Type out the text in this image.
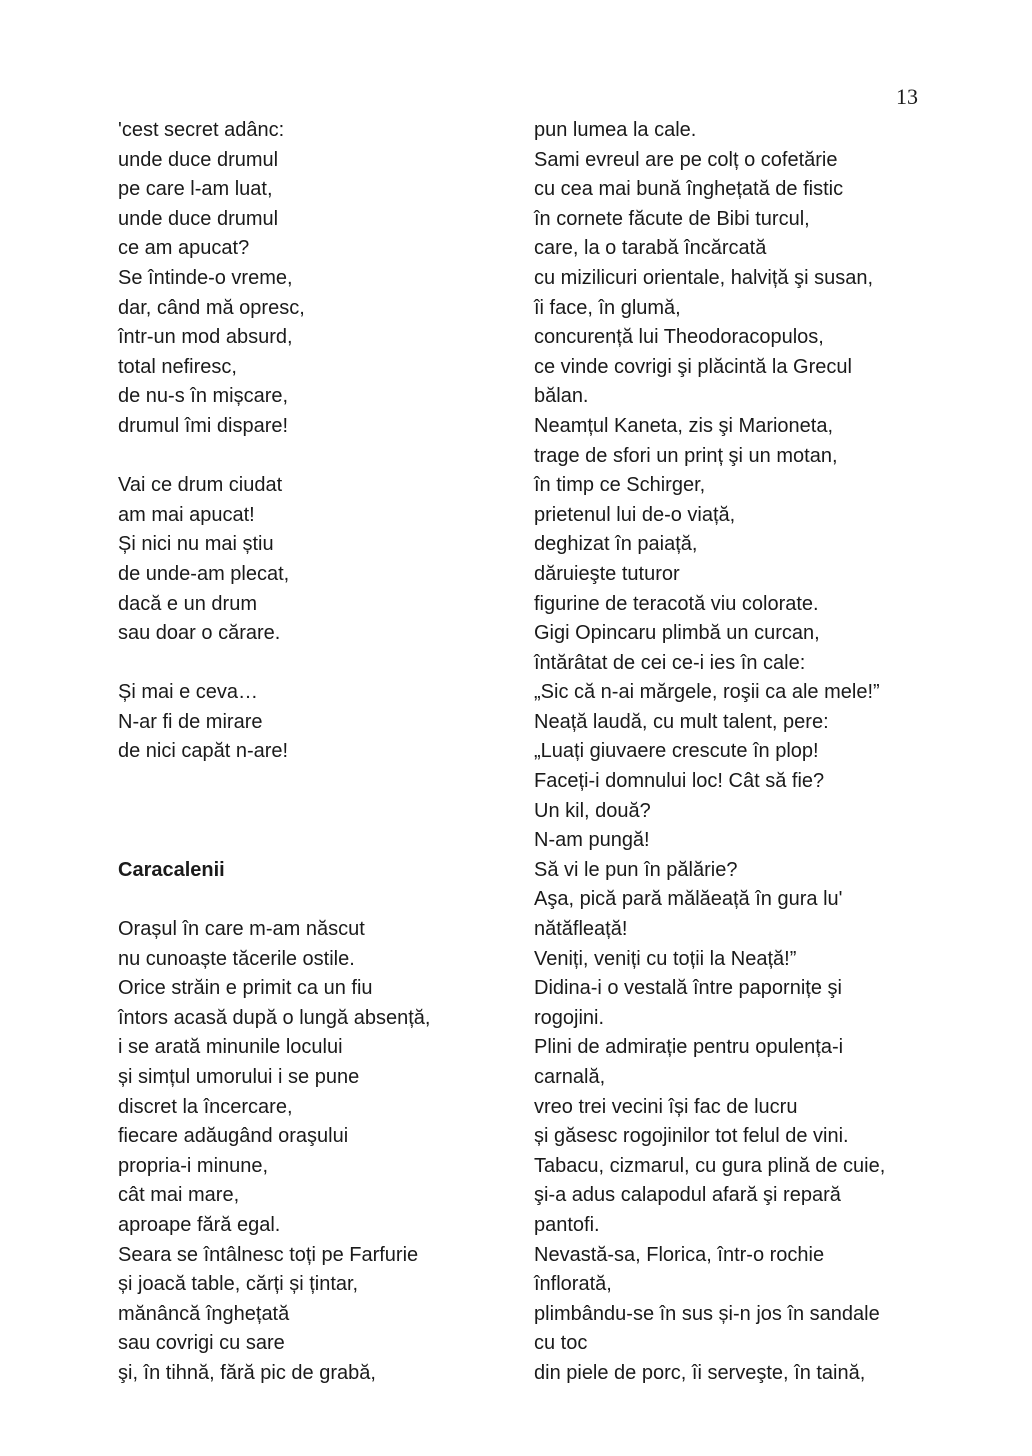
13
'cest secret adânc:
unde duce drumul
pe care l-am luat,
unde duce drumul
ce am apucat?
Se întinde-o vreme,
dar, când mă opresc,
într-un mod absurd,
total nefiresc,
de nu-s în mișcare,
drumul îmi dispare!
Vai ce drum ciudat
am mai apucat!
Și nici nu mai știu
de unde-am plecat,
dacă e un drum
sau doar o cărare.
Și mai e ceva…
N-ar fi de mirare
de nici capăt n-are!
Caracalenii
Orașul în care m-am născut
nu cunoaște tăcerile ostile.
Orice străin e primit ca un fiu
întors acasă după o lungă absență,
i se arată minunile locului
și simțul umorului i se pune
discret la încercare,
fiecare adăugând oraşului
propria-i minune,
cât mai mare,
aproape fără egal.
Seara se întâlnesc toți pe Farfurie
și joacă table, cărți și țintar,
mănâncă înghețată
sau covrigi cu sare
şi, în tihnă, fără pic de grabă,
pun lumea la cale.
Sami evreul are pe colț o cofetărie
cu cea mai bună înghețată de fistic
în cornete făcute de Bibi turcul,
care, la o tarabă încărcată
cu mizilicuri orientale, halviță şi susan,
îi face, în glumă,
concurență lui Theodoracopulos,
ce vinde covrigi şi plăcintă la Grecul
bălan.
Neamțul Kaneta, zis şi Marioneta,
trage de sfori un prinț şi un motan,
în timp ce Schirger,
prietenul lui de-o viață,
deghizat în paiață,
dăruieşte tuturor
figurine de teracotă viu colorate.
Gigi Opincaru plimbă un curcan,
întărâtat de cei ce-i ies în cale:
„Sic că n-ai mărgele, roşii ca ale mele!”
Neață laudă, cu mult talent, pere:
„Luați giuvaere crescute în plop!
Faceți-i domnului loc! Cât să fie?
Un kil, două?
N-am pungă!
Să vi le pun în pălărie?
Aşa, pică pară mălăeață în gura lu'
nătăfleață!
Veniți, veniți cu toții la Neață!”
Didina-i o vestală între papornițe şi
rogojini.
Plini de admirație pentru opulența-i
carnală,
vreo trei vecini își fac de lucru
și găsesc rogojinilor tot felul de vini.
Tabacu, cizmarul, cu gura plină de cuie,
şi-a adus calapodul afară şi repară
pantofi.
Nevastă-sa, Florica, într-o rochie
înflorată,
plimbându-se în sus și-n jos în sandale
cu toc
din piele de porc, îi serveşte, în taină,
